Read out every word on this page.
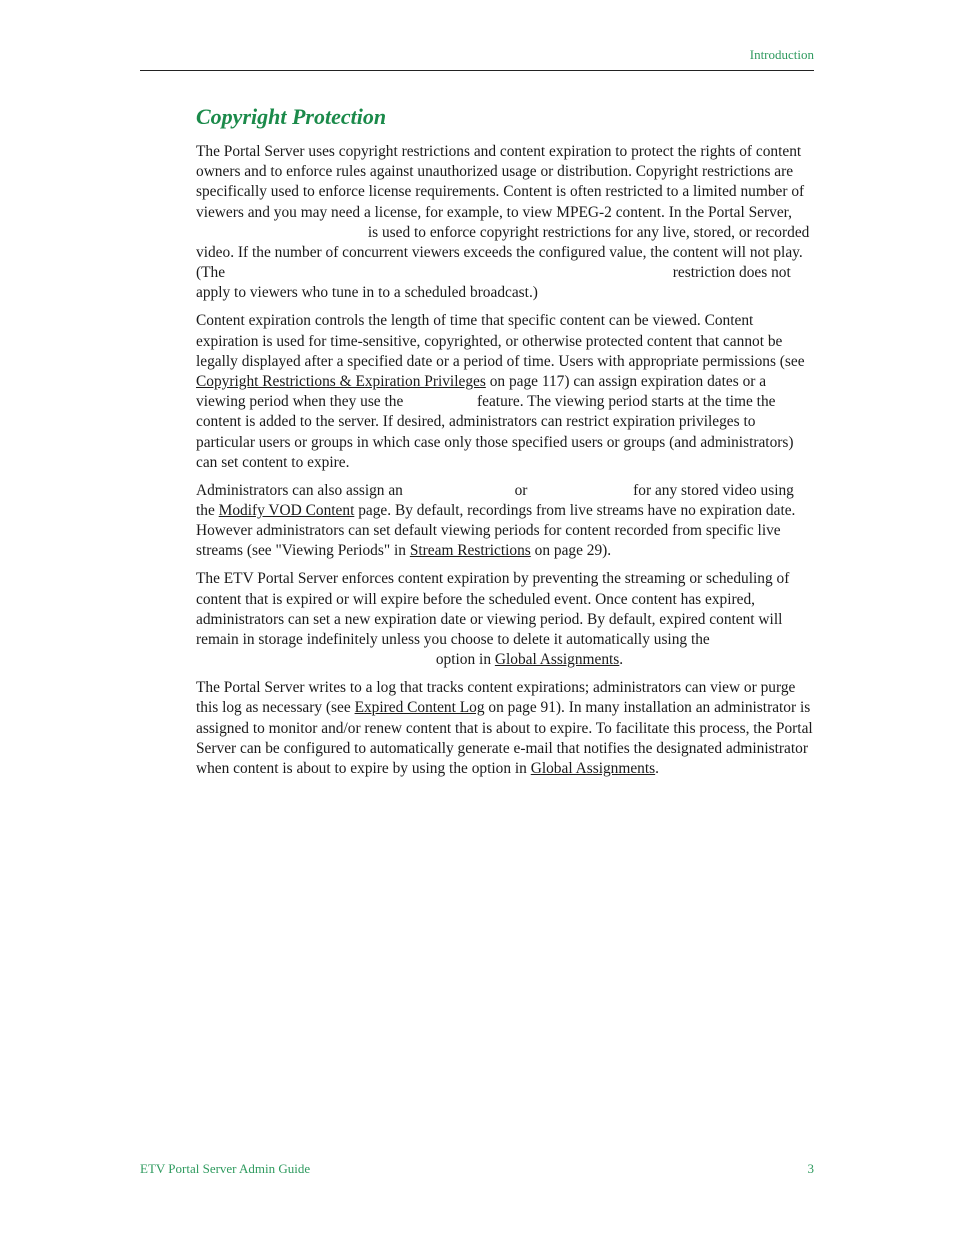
Introduction
Copyright Protection

The Portal Server uses copyright restrictions and content expiration to protect the rights of content owners and to enforce rules against unauthorized usage or distribution. Copyright restrictions are specifically used to enforce license requirements. Content is often restricted to a limited number of viewers and you may need a license, for example, to view MPEG-2 content. In the Portal Server,  is used to enforce copyright restrictions for any live, stored, or recorded video. If the number of concurrent viewers exceeds the configured value, the content will not play. (The	restriction does not apply to viewers who tune in to a scheduled broadcast.)

Content expiration controls the length of time that specific content can be viewed. Content expiration is used for time-sensitive, copyrighted, or otherwise protected content that cannot be legally displayed after a specified date or a period of time. Users with appropriate permissions (see Copyright Restrictions & Expiration Privileges on page 117) can assign expiration dates or a viewing period when they use the	feature. The viewing period starts at the time the content is added to the server. If desired, administrators can restrict expiration privileges to particular users or groups in which case only those specified users or groups (and administrators) can set content to expire.

Administrators can also assign an	or	for any stored video using the Modify VOD Content page. By default, recordings from live streams have no expiration date. However administrators can set default viewing periods for content recorded from specific live streams (see "Viewing Periods" in Stream Restrictions on page 29).

The ETV Portal Server enforces content expiration by preventing the streaming or scheduling of content that is expired or will expire before the scheduled event. Once content has expired, administrators can set a new expiration date or viewing period. By default, expired content will remain in storage indefinitely unless you choose to delete it automatically using the  option in Global Assignments.

The Portal Server writes to a log that tracks content expirations; administrators can view or purge this log as necessary (see Expired Content Log on page 91). In many installation an administrator is assigned to monitor and/or renew content that is about to expire. To facilitate this process, the Portal Server can be configured to automatically generate e-mail that notifies the designated administrator when content is about to expire by using the option in Global Assignments.

ETV Portal Server Admin Guide	3
